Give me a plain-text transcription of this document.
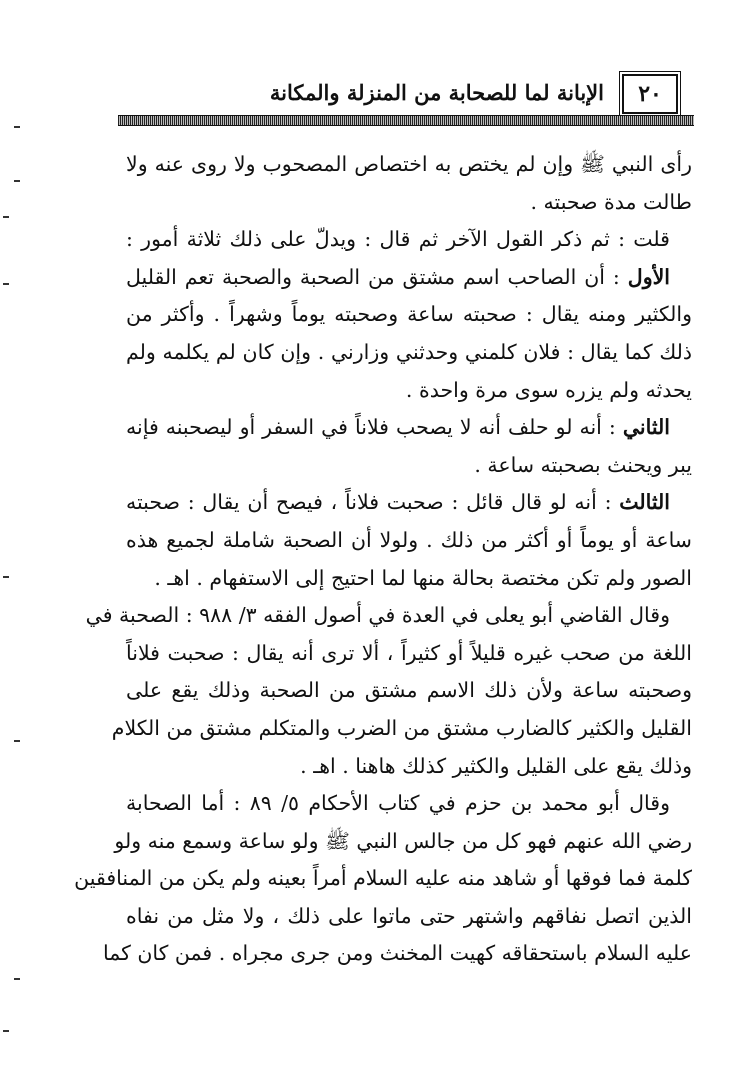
٢٠
الإبانة لما للصحابة من المنزلة والمكانة
رأى النبي ﷺ وإن لم يختص به اختصاص المصحوب ولا روى عنه ولا
طالت مدة صحبته .
قلت : ثم ذكر القول الآخر ثم قال : ويدلّ على ذلك ثلاثة أمور :
الأول : أن الصاحب اسم مشتق من الصحبة والصحبة تعم القليل
والكثير ومنه يقال : صحبته ساعة وصحبته يوماً وشهراً . وأكثر من
ذلك كما يقال : فلان كلمني وحدثني وزارني . وإن كان لم يكلمه ولم
يحدثه ولم يزره سوى مرة واحدة .
الثاني : أنه لو حلف أنه لا يصحب فلاناً في السفر أو ليصحبنه فإنه
يبر ويحنث بصحبته ساعة .
الثالث : أنه لو قال قائل : صحبت فلاناً ، فيصح أن يقال : صحبته
ساعة أو يوماً أو أكثر من ذلك . ولولا أن الصحبة شاملة لجميع هذه
الصور ولم تكن مختصة بحالة منها لما احتيج إلى الاستفهام . اهـ .
وقال القاضي أبو يعلى في العدة في أصول الفقه ٣/ ٩٨٨ : الصحبة في
اللغة من صحب غيره قليلاً أو كثيراً ، ألا ترى أنه يقال : صحبت فلاناً
وصحبته ساعة ولأن ذلك الاسم مشتق من الصحبة وذلك يقع على
القليل والكثير كالضارب مشتق من الضرب والمتكلم مشتق من الكلام
وذلك يقع على القليل والكثير كذلك هاهنا . اهـ .
وقال أبو محمد بن حزم في كتاب الأحكام ٥/ ٨٩ : أما الصحابة
رضي الله عنهم فهو كل من جالس النبي ﷺ ولو ساعة وسمع منه ولو
كلمة فما فوقها أو شاهد منه عليه السلام أمراً بعينه ولم يكن من المنافقين
الذين اتصل نفاقهم واشتهر حتى ماتوا على ذلك ، ولا مثل من نفاه
عليه السلام باستحقاقه كهيت المخنث ومن جرى مجراه . فمن كان كما
